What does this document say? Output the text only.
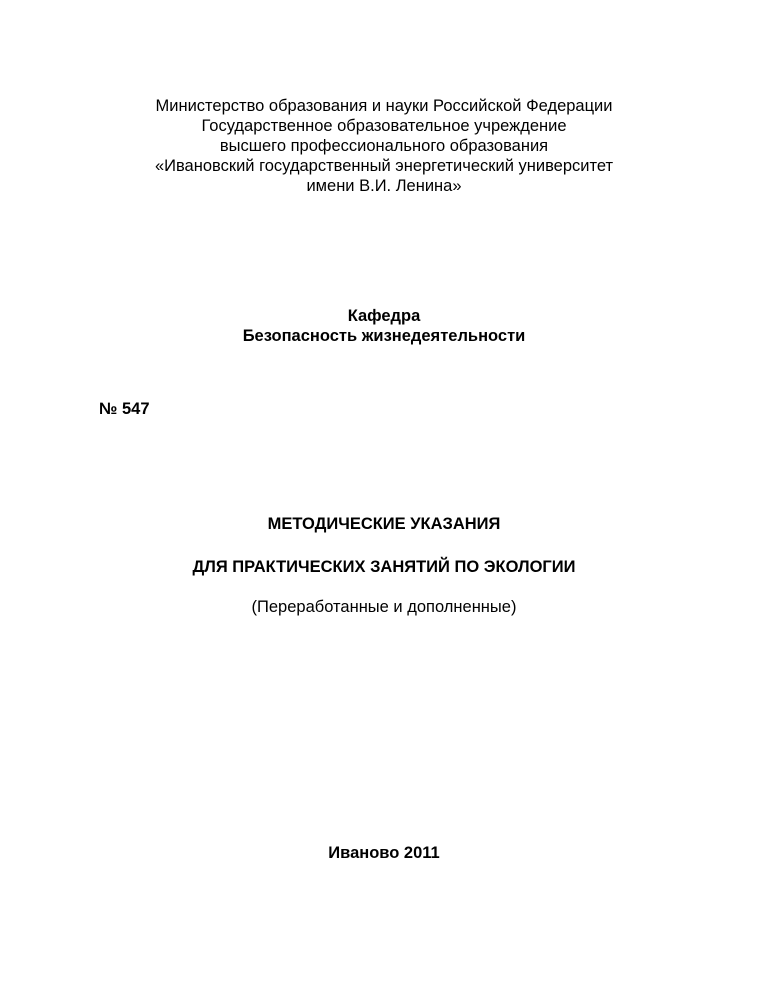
Министерство образования и науки Российской Федерации
Государственное образовательное учреждение
высшего профессионального образования
«Ивановский государственный энергетический университет
имени В.И. Ленина»
Кафедра
Безопасность жизнедеятельности
№ 547
МЕТОДИЧЕСКИЕ УКАЗАНИЯ
ДЛЯ ПРАКТИЧЕСКИХ ЗАНЯТИЙ ПО ЭКОЛОГИИ
(Переработанные и дополненные)
Иваново 2011
